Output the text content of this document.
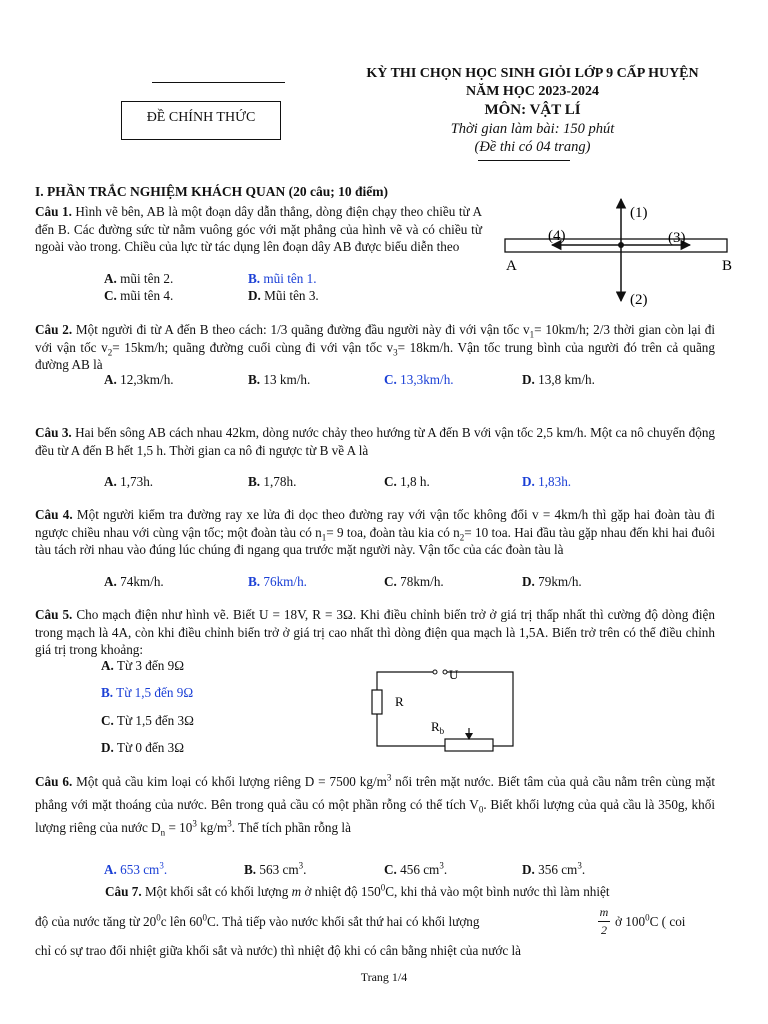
ĐỀ CHÍNH THỨC
KỲ THI CHỌN HỌC SINH GIỎI LỚP 9 CẤP HUYỆN
NĂM HỌC 2023-2024
MÔN: VẬT LÍ
Thời gian làm bài: 150 phút
(Đề thi có 04 trang)
I. PHẦN TRẮC NGHIỆM KHÁCH QUAN (20 câu; 10 điểm)
Câu 1. Hình vẽ bên, AB là một đoạn dây dẫn thẳng, dòng điện chạy theo chiều từ A đến B. Các đường sức từ nằm vuông góc với mặt phẳng của hình vẽ và có chiều từ ngoài vào trong. Chiều của lực từ tác dụng lên đoạn dây AB được biểu diễn theo
A. mũi tên 2.	B. mũi tên 1.
C. mũi tên 4.	D. Mũi tên 3.
(1)
(2)
(3)
(4)
A	B
Câu 2. Một người đi từ A đến B theo cách: 1/3 quãng đường đầu người này đi với vận tốc $v_1= 10km/h$; 2/3 thời gian còn lại đi với vận tốc $v_2= 15km/h$; quãng đường cuối cùng đi với vận tốc $v_3= 18km/h$. Vận tốc trung bình của người đó trên cả quãng đường AB là
A. 12,3km/h.	B. 13 km/h.	C. 13,3km/h.	D. 13,8 km/h.
Câu 3. Hai bến sông AB cách nhau 42km, dòng nước chảy theo hướng từ A đến B với vận tốc 2,5 km/h. Một ca nô chuyển động đều từ A đến B hết 1,5 h. Thời gian ca nô đi ngược từ B về A là
A. 1,73h.	B. 1,78h.	C. 1,8 h.	D. 1,83h.
Câu 4. Một người kiểm tra đường ray xe lửa đi dọc theo đường ray với vận tốc không đổi v = 4km/h thì gặp hai đoàn tàu đi ngược chiều nhau với cùng vận tốc; một đoàn tàu có $n_1= 9$ toa, đoàn tàu kia có $n_2= 10$ toa. Hai đầu tàu gặp nhau đến khi hai đuôi tàu tách rời nhau vào đúng lúc chúng đi ngang qua trước mặt người này. Vận tốc của các đoàn tàu là
A. 74km/h.	B. 76km/h.	C. 78km/h.	D. 79km/h.
Câu 5. Cho mạch điện như hình vẽ. Biết U = 18V, R = 3Ω. Khi điều chỉnh biến trở ở giá trị thấp nhất thì cường độ dòng điện trong mạch là 4A, còn khi điều chỉnh biến trở ở giá trị cao nhất thì dòng điện qua mạch là 1,5A. Biến trở trên có thể điều chỉnh giá trị trong khoảng:
A. Từ 3 đến 9Ω
B. Từ 1,5 đến 9Ω
C. Từ 1,5 đến 3Ω
D. Từ 0 đến 3Ω
U
R
$R_b$
Câu 6. Một quả cầu kim loại có khối lượng riêng D = 7500 $kg/m^3$ nổi trên mặt nước. Biết tâm của quả cầu nằm trên cùng mặt phẳng với mặt thoáng của nước. Bên trong quả cầu có một phần rỗng có thể tích $V_0$. Biết khối lượng của quả cầu là 350g, khối lượng riêng của nước $D_n = 10^3$ $kg/m^3$. Thể tích phần rỗng là
A. 653 $cm^3$.	B. 563 $cm^3$.	C. 456 $cm^3$.	D. 356 $cm^3$.
Câu 7. Một khối sắt có khối lượng m ở nhiệt độ $150^0C$, khi thả vào một bình nước thì làm nhiệt
độ của nước tăng từ $20^0c$ lên $60^0C$. Thả tiếp vào nước khối sắt thứ hai có khối lượng
m
2
ở $100^0C$ ( coi
chỉ có sự trao đổi nhiệt giữa khối sắt và nước) thì nhiệt độ khi có cân bằng nhiệt của nước là
Trang 1/4
